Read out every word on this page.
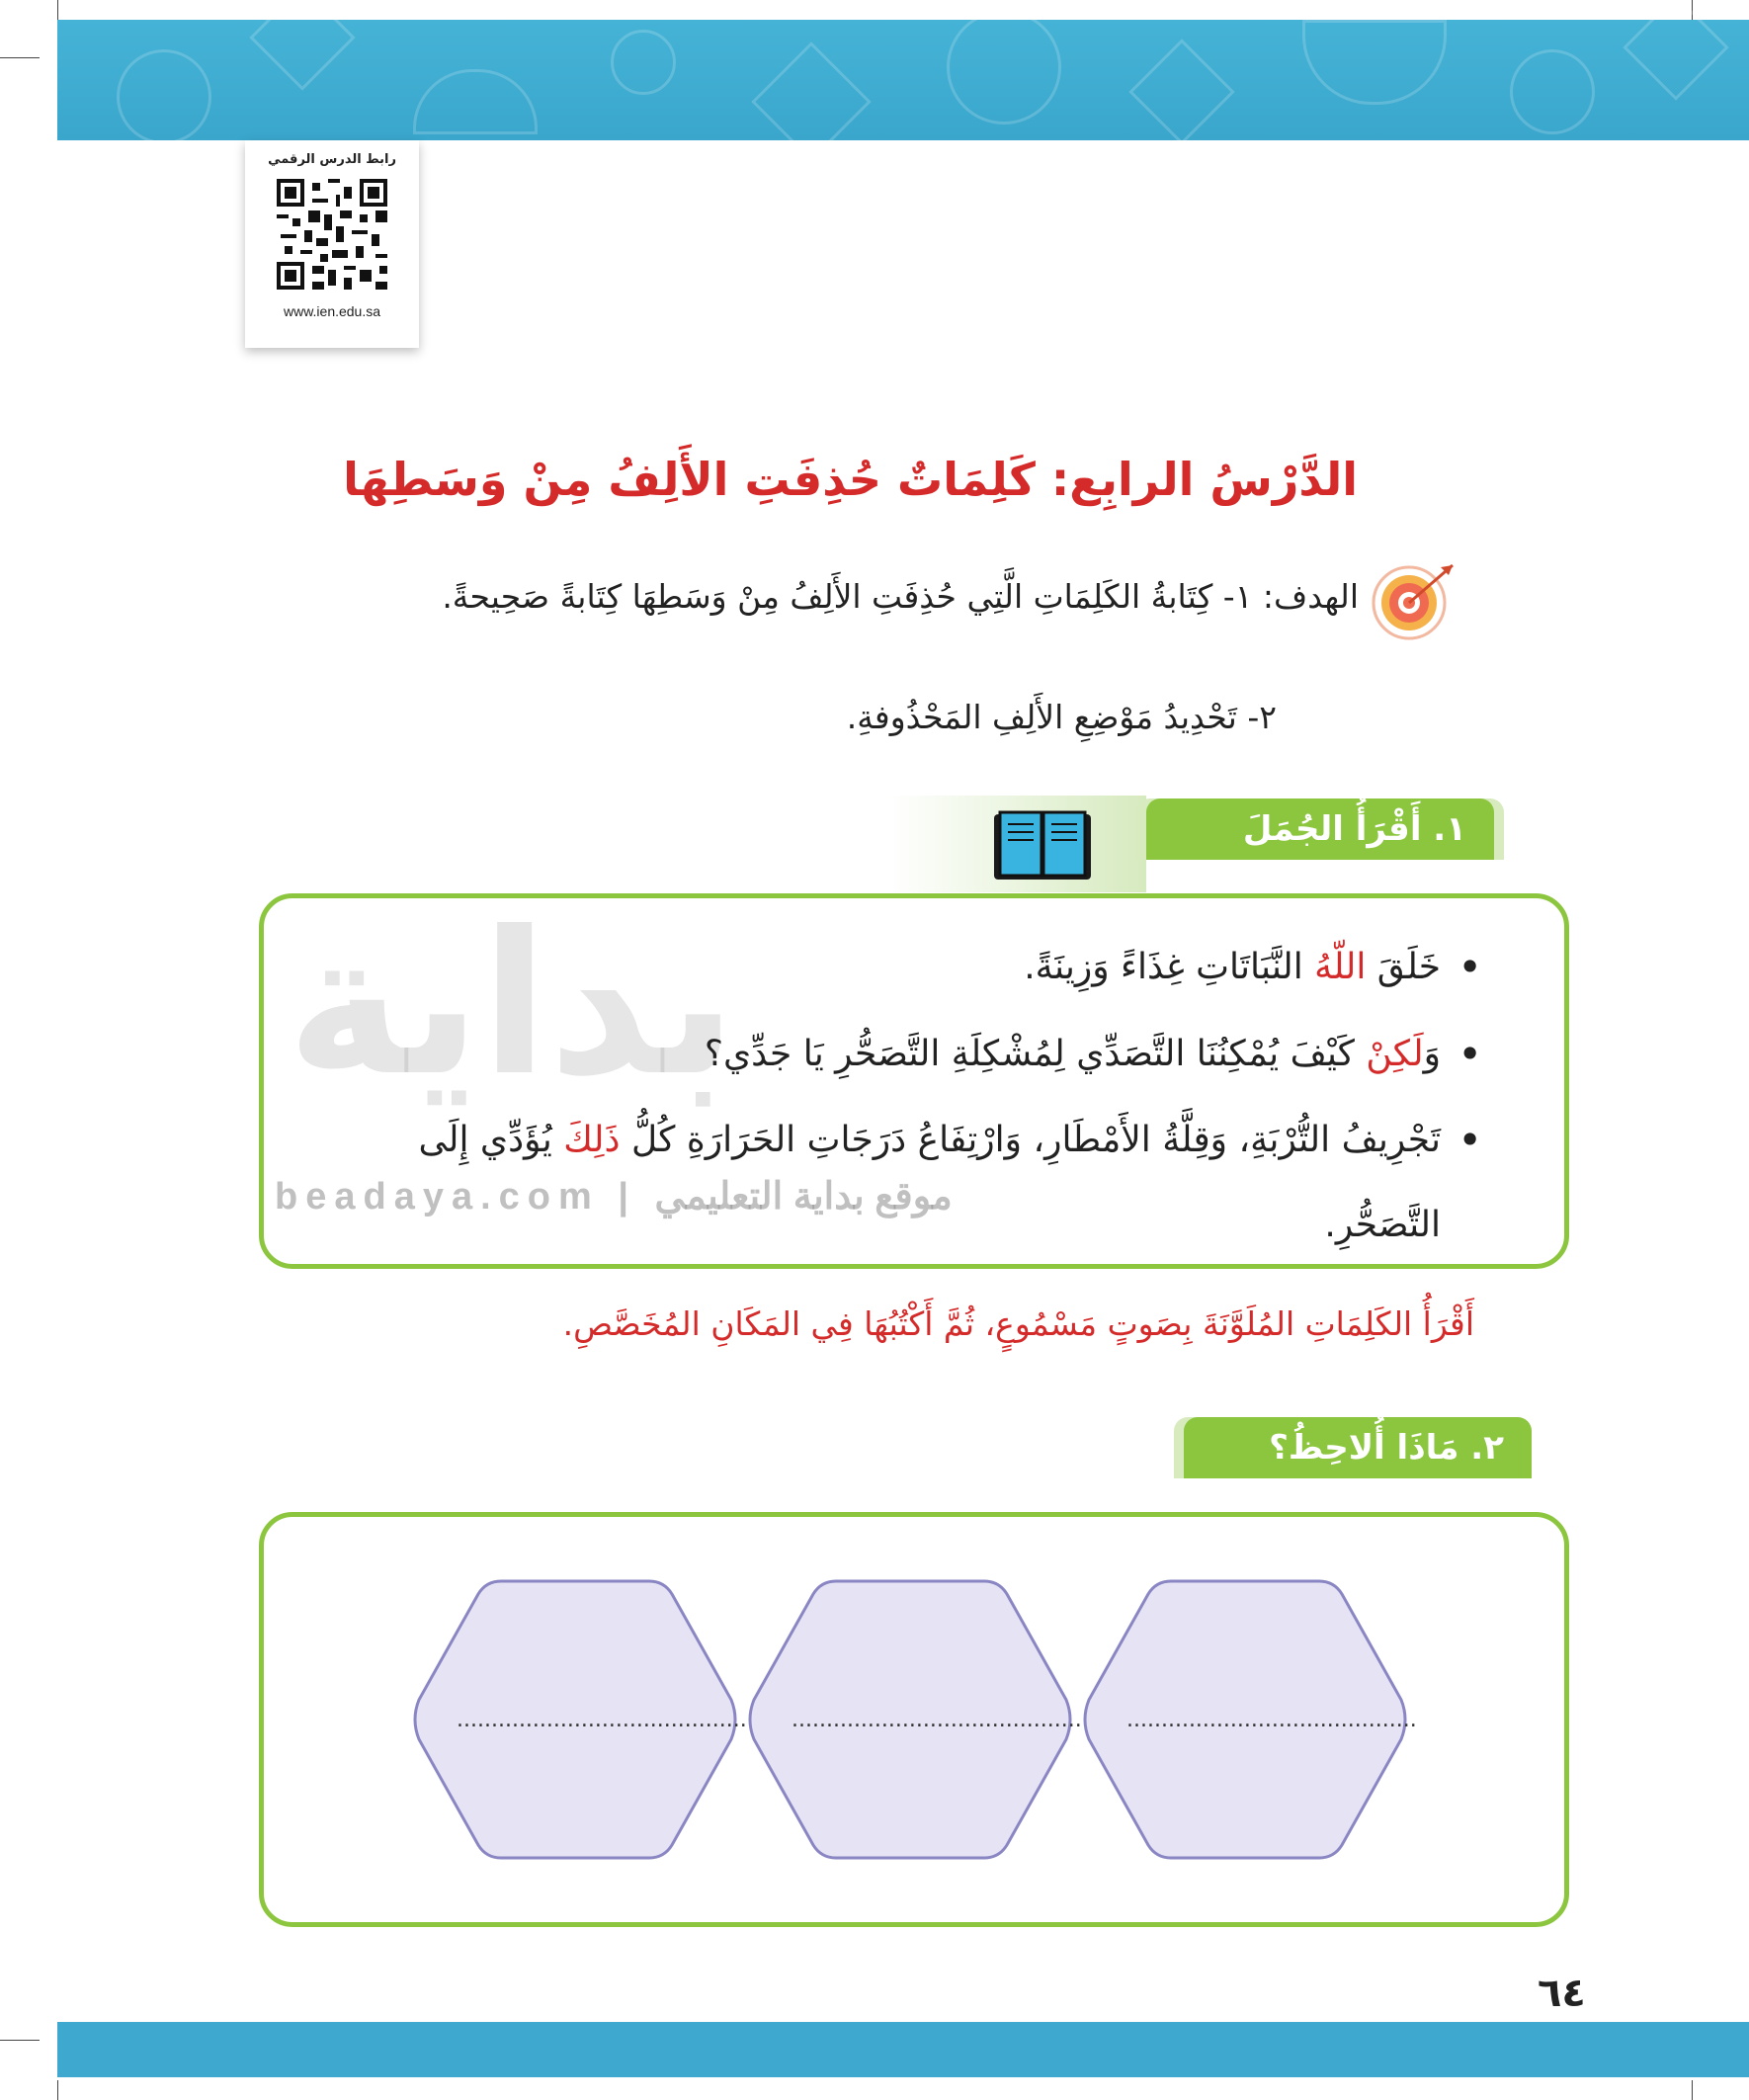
رابط الدرس الرقمي
www.ien.edu.sa
الدَّرْسُ الرابِع: كَلِمَاتٌ حُذِفَتِ الأَلِفُ مِنْ وَسَطِهَا
الهدف: ١- كِتَابةُ الكَلِمَاتِ الَّتِي حُذِفَتِ الأَلِفُ مِنْ وَسَطِهَا كِتَابةً صَحِيحةً.
٢- تَحْدِيدُ مَوْضِعِ الأَلِفِ المَحْذُوفةِ.
١. أَقْرَأُ الجُمَلَ الآتِيةَ:
بداية
beadaya.com | موقع بداية التعليمي
• خَلَقَ اللّهُ النَّبَاتَاتِ غِذَاءً وَزِينَةً.
• وَلَكِنْ كَيْفَ يُمْكِنُنَا التَّصَدِّي لِمُشْكِلَةِ التَّصَحُّرِ يَا جَدِّي؟
• تَجْرِيفُ التُّرْبَةِ، وَقِلَّةُ الأَمْطَارِ، وَارْتِفَاعُ دَرَجَاتِ الحَرَارَةِ كُلُّ ذَلِكَ يُؤَدِّي إِلَى التَّصَحُّرِ.
أَقْرَأُ الكَلِمَاتِ المُلَوَّنَةَ بِصَوتٍ مَسْمُوعٍ، ثُمَّ أَكْتُبُهَا فِي المَكَانِ المُخَصَّصِ.
٢. مَاذَا أُلاحِظُ؟
.......................................... .......................................... ..........................................
٦٤
